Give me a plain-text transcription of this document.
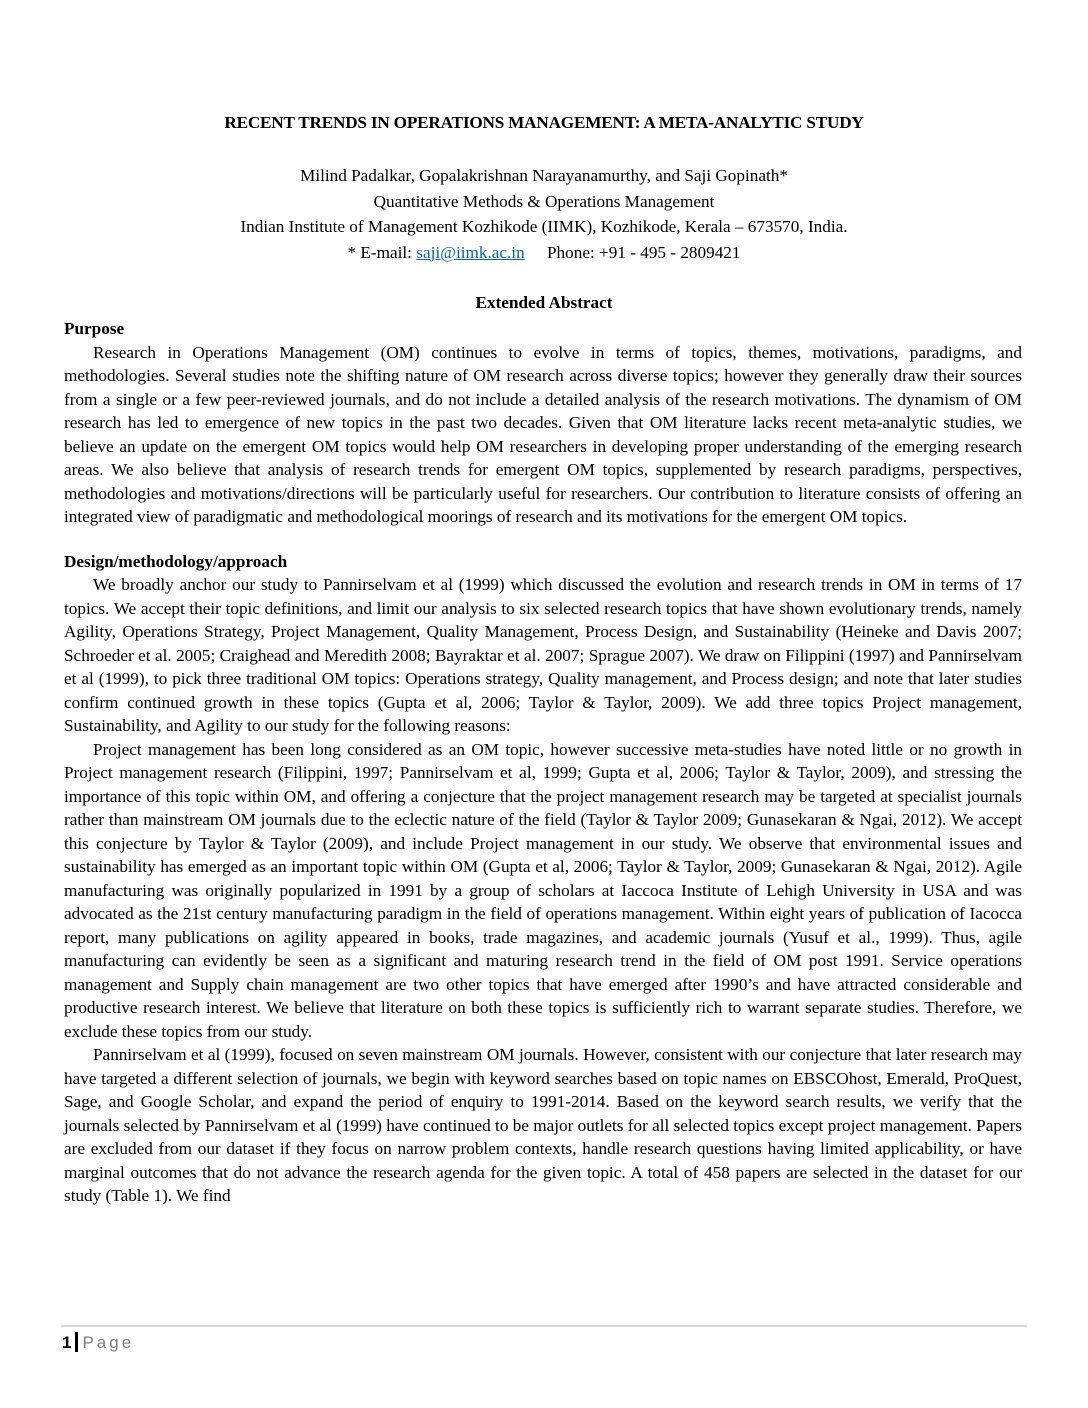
RECENT TRENDS IN OPERATIONS MANAGEMENT: A META-ANALYTIC STUDY
Milind Padalkar, Gopalakrishnan Narayanamurthy, and Saji Gopinath*
Quantitative Methods & Operations Management
Indian Institute of Management Kozhikode (IIMK), Kozhikode, Kerala – 673570, India.
* E-mail: saji@iimk.ac.in Phone: +91 - 495 - 2809421
Extended Abstract

Purpose

Research in Operations Management (OM) continues to evolve in terms of topics, themes, motivations, paradigms, and methodologies. Several studies note the shifting nature of OM research across diverse topics; however they generally draw their sources from a single or a few peer-reviewed journals, and do not include a detailed analysis of the research motivations. The dynamism of OM research has led to emergence of new topics in the past two decades. Given that OM literature lacks recent meta-analytic studies, we believe an update on the emergent OM topics would help OM researchers in developing proper understanding of the emerging research areas. We also believe that analysis of research trends for emergent OM topics, supplemented by research paradigms, perspectives, methodologies and motivations/directions will be particularly useful for researchers. Our contribution to literature consists of offering an integrated view of paradigmatic and methodological moorings of research and its motivations for the emergent OM topics.

Design/methodology/approach

We broadly anchor our study to Pannirselvam et al (1999) which discussed the evolution and research trends in OM in terms of 17 topics. We accept their topic definitions, and limit our analysis to six selected research topics that have shown evolutionary trends, namely Agility, Operations Strategy, Project Management, Quality Management, Process Design, and Sustainability (Heineke and Davis 2007; Schroeder et al. 2005; Craighead and Meredith 2008; Bayraktar et al. 2007; Sprague 2007). We draw on Filippini (1997) and Pannirselvam et al (1999), to pick three traditional OM topics: Operations strategy, Quality management, and Process design; and note that later studies confirm continued growth in these topics (Gupta et al, 2006; Taylor & Taylor, 2009). We add three topics Project management, Sustainability, and Agility to our study for the following reasons:

Project management has been long considered as an OM topic, however successive meta-studies have noted little or no growth in Project management research (Filippini, 1997; Pannirselvam et al, 1999; Gupta et al, 2006; Taylor & Taylor, 2009), and stressing the importance of this topic within OM, and offering a conjecture that the project management research may be targeted at specialist journals rather than mainstream OM journals due to the eclectic nature of the field (Taylor & Taylor 2009; Gunasekaran & Ngai, 2012). We accept this conjecture by Taylor & Taylor (2009), and include Project management in our study. We observe that environmental issues and sustainability has emerged as an important topic within OM (Gupta et al, 2006; Taylor & Taylor, 2009; Gunasekaran & Ngai, 2012). Agile manufacturing was originally popularized in 1991 by a group of scholars at Iaccoca Institute of Lehigh University in USA and was advocated as the 21st century manufacturing paradigm in the field of operations management. Within eight years of publication of Iacocca report, many publications on agility appeared in books, trade magazines, and academic journals (Yusuf et al., 1999). Thus, agile manufacturing can evidently be seen as a significant and maturing research trend in the field of OM post 1991. Service operations management and Supply chain management are two other topics that have emerged after 1990’s and have attracted considerable and productive research interest. We believe that literature on both these topics is sufficiently rich to warrant separate studies. Therefore, we exclude these topics from our study.

Pannirselvam et al (1999), focused on seven mainstream OM journals. However, consistent with our conjecture that later research may have targeted a different selection of journals, we begin with keyword searches based on topic names on EBSCOhost, Emerald, ProQuest, Sage, and Google Scholar, and expand the period of enquiry to 1991-2014. Based on the keyword search results, we verify that the journals selected by Pannirselvam et al (1999) have continued to be major outlets for all selected topics except project management. Papers are excluded from our dataset if they focus on narrow problem contexts, handle research questions having limited applicability, or have marginal outcomes that do not advance the research agenda for the given topic. A total of 458 papers are selected in the dataset for our study (Table 1). We find

1 Page
